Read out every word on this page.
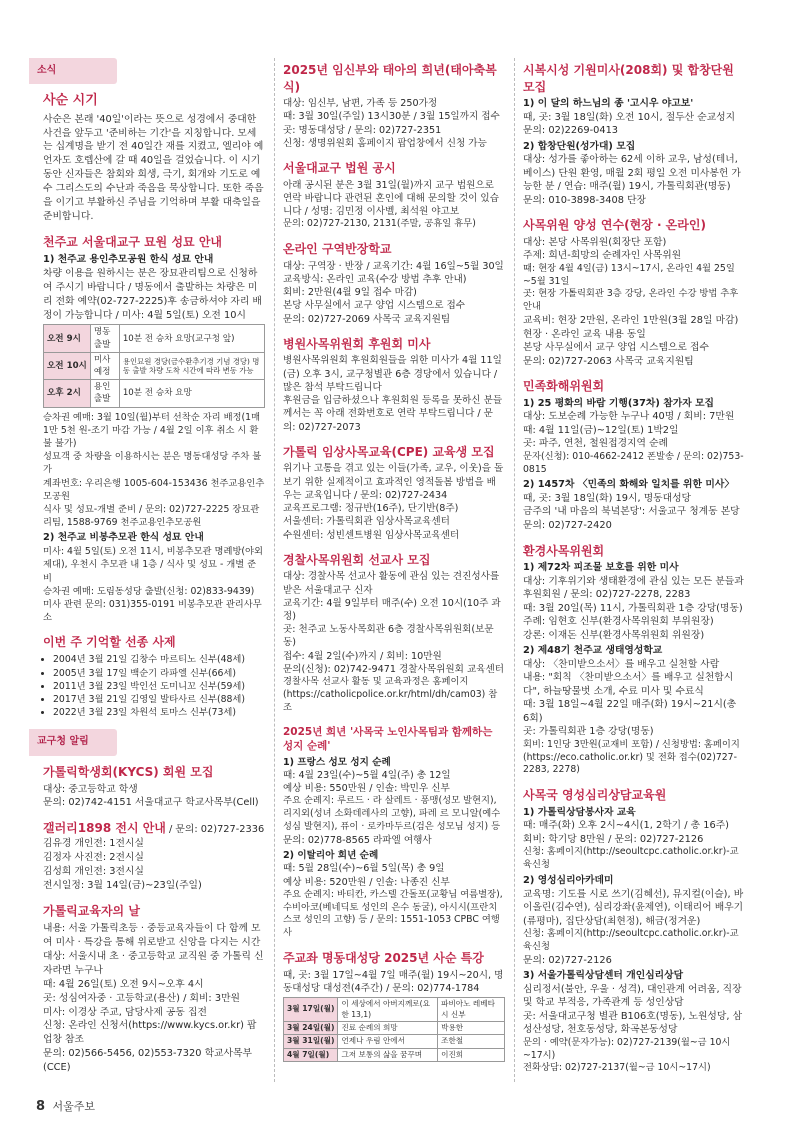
소식
사순 시기
사순은 본래 '40일'이라는 뜻으로 성경에서 중대한 사건을 앞두고 '준비하는 기간'을 지칭합니다. 모세는 십계명을 받기 전 40일간 재를 지켰고, 엘리야 예언자도 호렙산에 갈 때 40일을 걸었습니다. 이 시기 동안 신자들은 참회와 희생, 극기, 회개와 기도로 예수 그리스도의 수난과 죽음을 묵상합니다. 또한 죽음을 이기고 부활하신 주님을 기억하며 부활 대축일을 준비합니다.
천주교 서울대교구 묘원 성묘 안내
1) 천주교 용인추모공원 한식 성묘 안내
차량 이용을 원하시는 분은 장묘관리팀으로 신청하여 주시기 바랍니다 / 명동에서 출발하는 차량은 미리 전화 예약(02-727-2225)후 송금하셔야 자리 배정이 가능합니다 / 미사: 4월 5일(토) 오전 10시
오전 9시	명동 출발	10분 전 승차 요망(교구청 앞)
오전 10시	미사 예정	용인묘원 경당(금수환추기경 기념 경당) 명동 출발 차량 도착 시간에 따라 변동 가능
오후 2시	용인 출발	10분 전 승차 요망
승차권 예매: 3월 10일(월)부터 선착순 자리 배정(1매 1만 5천 원-조기 마감 가능 / 4월 2일 이후 취소 시 환불 불가)
성묘객 중 차량을 이용하시는 분은 명동대성당 주차 불가
계좌번호: 우리은행 1005-604-153436 천주교용인추모공원
식사 및 성묘-개별 준비 / 문의: 02)727-2225 장묘관리팀, 1588-9769 천주교용인추모공원
2) 천주교 비봉추모관 한식 성묘 안내
미사: 4월 5일(토) 오전 11시, 비봉추모관 명례방(야외제대), 우천시 추모관 내 1층 / 식사 및 성묘 - 개별 준비
승차권 예매: 도림동성당 출발(신청: 02)833-9439)
미사 관련 문의: 031)355-0191 비봉추모관 관리사무소
이번 주 기억할 선종 사제
• 2004년 3월 21일 김창수 마르티노 신부(48세)
• 2005년 3월 17일 백순기 라파엘 신부(66세)
• 2011년 3월 23일 박인선 도미니꼬 신부(59세)
• 2017년 3월 21일 김영일 발타사르 신부(88세)
• 2022년 3월 23일 차원석 토마스 신부(73세)
교구청 알림
가톨릭학생회(KYCS) 회원 모집
대상: 중고등학교 학생
문의: 02)742-4151 서울대교구 학교사목부(Cell)
갤러리1898 전시 안내 / 문의: 02)727-2336
김유경 개인전: 1전시실
김정자 사진전: 2전시실
김성희 개인전: 3전시실
전시일정: 3월 14일(금)~23일(주일)
가톨릭교육자의 날
내용: 서울 가톨릭초등 · 중등교육자들이 다 함께 모여 미사 · 특강을 통해 위로받고 신앙을 다지는 시간
대상: 서울시내 초 · 중고등학교 교직원 중 가톨릭 신자라면 누구나
때: 4월 26일(토) 오전 9시~오후 4시
곳: 성심여자중 · 고등학교(용산) / 회비: 3만원
미사: 이경상 주교, 담당사제 공동 집전
신청: 온라인 신청서(https://www.kycs.or.kr) 팝업창 참조
문의: 02)566-5456, 02)553-7320 학교사목부(CCE)
2025년 임신부와 태아의 희년(태아축복식)
대상: 임신부, 남편, 가족 등 250가정
때: 3월 30일(주일) 13시30분 / 3월 15일까지 접수
곳: 명동대성당 / 문의: 02)727-2351
신청: 생명위원회 홈페이지 팝업창에서 신청 가능
서울대교구 법원 공시
아래 공시된 분은 3월 31일(월)까지 교구 법원으로 연락 바랍니다 관련된 혼인에 대해 문의할 것이 있습니다 / 성명: 김민정 이사벨, 최석원 야고보
문의: 02)727-2130, 2131(주말, 공휴일 휴무)
온라인 구역반장학교
대상: 구역장 · 반장 / 교육기간: 4월 16일~5월 30일
교육방식: 온라인 교육(수강 방법 추후 안내)
회비: 2만원(4월 9일 접수 마감)
본당 사무실에서 교구 양업 시스템으로 접수
문의: 02)727-2069 사목국 교육지원팀
병원사목위원회 후원회 미사
병원사목위원회 후원회원들을 위한 미사가 4월 11일(금) 오후 3시, 교구청별관 6층 경당에서 있습니다 / 많은 참석 부탁드립니다
후원금을 입금하셨으나 후원회원 등록을 못하신 분들께서는 꼭 아래 전화번호로 연락 부탁드립니다 / 문의: 02)727-2073
가톨릭 임상사목교육(CPE) 교육생 모집
위기나 고통을 겪고 있는 이들(가족, 교우, 이웃)을 돌보기 위한 실제적이고 효과적인 영적돌봄 방법을 배우는 교육입니다 / 문의: 02)727-2434
교육프로그램: 정규반(16주), 단기반(8주)
서울센터: 가톨릭회관 임상사목교육센터
수원센터: 성빈센트병원 임상사목교육센터
경찰사목위원회 선교사 모집
대상: 경찰사목 선교사 활동에 관심 있는 견진성사를 받은 서울대교구 신자
교육기간: 4월 9일부터 매주(수) 오전 10시(10주 과정)
곳: 천주교 노동사목회관 6층 경찰사목위원회(보문동)
접수: 4월 2일(수)까지 / 회비: 10만원
문의(신청): 02)742-9471 경찰사목위원회 교육센터
경찰사목 선교사 활동 및 교육과정은 홈페이지(https://catholicpolice.or.kr/html/dh/cam03) 참조
2025년 희년 '사목국 노인사목팀과 함께하는 성지 순례'
1) 프랑스 성모 성지 순례
때: 4월 23일(수)~5월 4일(주) 총 12일
예상 비용: 550만원 / 인솔: 박민우 신부
주요 순례지: 루르드 · 라 살레트 · 퐁맹(성모 발현지), 리지외(성녀 소화데레사의 고향), 파레 르 모니알(예수 성심 발현지), 퓨이 · 로카마두르(검은 성모님 성지) 등
문의: 02)778-8565 라파엘 여행사
2) 이탈리아 희년 순례
때: 5월 28일(수)~6월 5일(목) 총 9일
예상 비용: 520만원 / 인솔: 나종진 신부
주요 순례지: 바티칸, 카스텔 간돌포(교황님 여름별장), 수비아코(베네딕토 성인의 은수 동굴), 아시시(프란치스코 성인의 고향) 등 / 문의: 1551-1053 CPBC 여행사
주교좌 명동대성당 2025년 사순 특강
때, 곳: 3월 17일~4월 7일 매주(월) 19시~20시, 명동대성당 대성전(4주간) / 문의: 02)774-1784
3월 17일(월)	이 세상에서 아버지께로(요한 13,1)	파비아노 레베타시 신부
3월 24일(월)	진료 순례의 희망	박용한
3월 31일(월)	언제나 우림 안에서	조한철
4월 7일(월)	그저 보통의 삶을 꿈꾸며	이진희
시복시성 기원미사(208회) 및 합창단원 모집
1) 이 달의 하느님의 종 '고시우 야고보'
때, 곳: 3월 18일(화) 오전 10시, 절두산 순교성지
문의: 02)2269-0413
2) 합창단원(성가대) 모집
대상: 성가를 좋아하는 62세 이하 교우, 남성(테너, 베이스) 단원 환영, 매월 2회 평일 오전 미사봉헌 가능한 분 / 연습: 매주(월) 19시, 가톨릭회관(명동)
문의: 010-3898-3408 단장
사목위원 양성 연수(현장 · 온라인)
대상: 본당 사목위원(회장단 포함)
주제: 희년-희망의 순례자인 사목위원
때: 현장 4월 4일(금) 13시~17시, 온라인 4월 25일~5월 31일
곳: 현장 가톨릭회관 3층 강당, 온라인 수강 방법 추후 안내
교육비: 현장 2만원, 온라인 1만원(3월 28일 마감)
현장 · 온라인 교육 내용 동일
본당 사무실에서 교구 양업 시스템으로 접수
문의: 02)727-2063 사목국 교육지원팀
민족화해위원회
1) 25 평화의 바람 기행(37차) 참가자 모집
대상: 도보순례 가능한 누구나 40명 / 회비: 7만원
때: 4월 11일(금)~12일(토) 1박2일
곳: 파주, 연천, 철원접경지역 순례
문자(신청): 010-4662-2412 폰발송 / 문의: 02)753-0815
2) 1457차 〈민족의 화해와 일치를 위한 미사〉
때, 곳: 3월 18일(화) 19시, 명동대성당
금주의 '내 마음의 북녘본당': 서울교구 청계동 본당
문의: 02)727-2420
환경사목위원회
1) 제72차 피조물 보호를 위한 미사
대상: 기후위기와 생태환경에 관심 있는 모든 분들과 후원회원 / 문의: 02)727-2278, 2283
때: 3월 20일(목) 11시, 가톨릭회관 1층 강당(명동)
주례: 임현호 신부(환경사목위원회 부위원장)
강론: 이재돈 신부(환경사목위원회 위원장)
2) 제48기 천주교 생태영성학교
대상: 〈찬미받으소서〉를 배우고 실천할 사람
내용: "회칙 〈찬미받으소서〉를 배우고 실천합시다", 하늘땅물벗 소개, 수료 미사 및 수료식
때: 3월 18일~4월 22일 매주(화) 19시~21시(총 6회)
곳: 가톨릭회관 1층 강당(명동)
회비: 1인당 3만원(교재비 포함) / 신청방법: 홈페이지(https://eco.catholic.or.kr) 및 전화 접수(02)727-2283, 2278)
사목국 영성심리상담교육원
1) 가톨릭상담봉사자 교육
때: 매주(화) 오후 2시~4시(1, 2학기 / 총 16주)
회비: 학기당 8만원 / 문의: 02)727-2126
신청: 홈페이지(http://seoultcpc.catholic.or.kr)-교육신청
2) 영성심리아카데미
교육명: 기도를 시로 쓰기(김혜선), 뮤지컬(이슬), 바이올린(김수연), 심리강좌(윤제연), 이태리어 배우기(류평마), 집단상담(최현정), 해금(정겨운)
신청: 홈페이지(http://seoultcpc.catholic.or.kr)-교육신청
문의: 02)727-2126
3) 서울가톨릭상담센터 개인심리상담
심리정서(불안, 우울 · 성격), 대인관계 어려움, 직장 및 학교 부적응, 가족관계 등 성인상담
곳: 서울대교구청 별관 B106호(명동), 노원성당, 삼성산성당, 천호동성당, 화곡본동성당
문의 · 예약(문자가능): 02)727-2139(월~금 10시~17시)
전화상담: 02)727-2137(월~금 10시~17시)
8 서울주보
